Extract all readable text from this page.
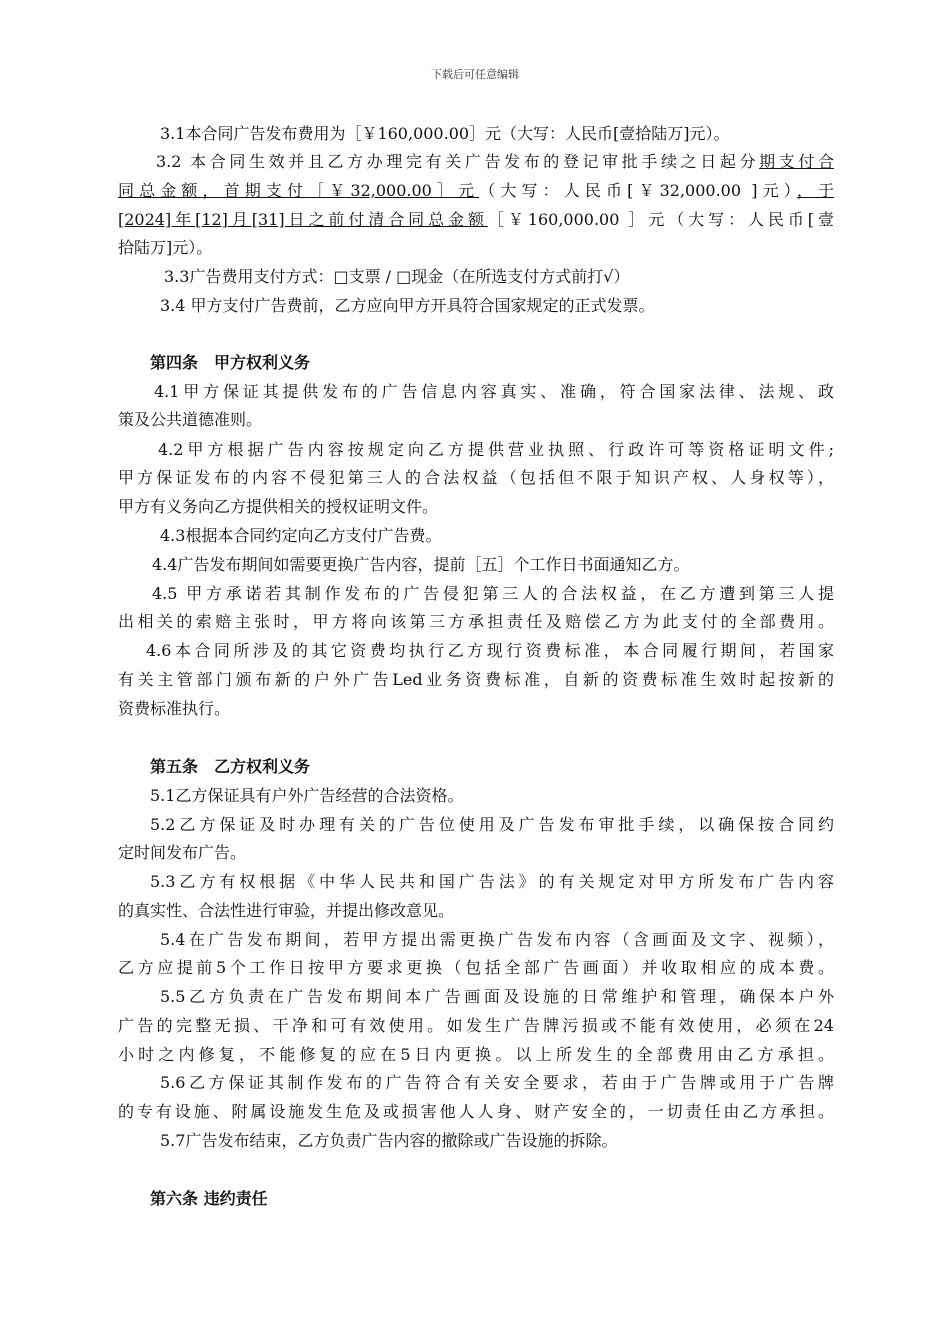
下载后可任意编辑
3.1本合同广告发布费用为［￥160,000.00］元（大写：人民币[壹拾陆万]元）。
3.2 本合同生效并且乙方办理完有关广告发布的登记审批手续之日起分期支付合
同总金额，首期支付［￥32,000.00］元（大写：人民币[￥32,000.00 ]元），于
[2024]年[12]月[31]日之前付清合同总金额［￥160,000.00 ］元（大写：人民币[壹
拾陆万]元）。
3.3广告费用支付方式：□支票 / □现金（在所选支付方式前打√）
3.4 甲方支付广告费前，乙方应向甲方开具符合国家规定的正式发票。
第四条　甲方权利义务
4.1甲方保证其提供发布的广告信息内容真实、准确，符合国家法律、法规、政
策及公共道德准则。
4.2甲方根据广告内容按规定向乙方提供营业执照、行政许可等资格证明文件;
甲方保证发布的内容不侵犯第三人的合法权益（包括但不限于知识产权、人身权等），
甲方有义务向乙方提供相关的授权证明文件。
4.3根据本合同约定向乙方支付广告费。
4.4广告发布期间如需要更换广告内容，提前［五］个工作日书面通知乙方。
4.5 甲方承诺若其制作发布的广告侵犯第三人的合法权益，在乙方遭到第三人提
出相关的索赔主张时，甲方将向该第三方承担责任及赔偿乙方为此支付的全部费用。
4.6本合同所涉及的其它资费均执行乙方现行资费标准，本合同履行期间，若国家
有关主管部门颁布新的户外广告Led业务资费标准，自新的资费标准生效时起按新的
资费标准执行。
第五条　乙方权利义务
5.1乙方保证具有户外广告经营的合法资格。
5.2乙方保证及时办理有关的广告位使用及广告发布审批手续，以确保按合同约
定时间发布广告。
5.3乙方有权根据《中华人民共和国广告法》的有关规定对甲方所发布广告内容
的真实性、合法性进行审验，并提出修改意见。
5.4在广告发布期间，若甲方提出需更换广告发布内容（含画面及文字、视频），
乙方应提前5个工作日按甲方要求更换（包括全部广告画面）并收取相应的成本费。
5.5乙方负责在广告发布期间本广告画面及设施的日常维护和管理，确保本户外
广告的完整无损、干净和可有效使用。如发生广告牌污损或不能有效使用，必须在24
小时之内修复，不能修复的应在5日内更换。以上所发生的全部费用由乙方承担。
5.6乙方保证其制作发布的广告符合有关安全要求，若由于广告牌或用于广告牌
的专有设施、附属设施发生危及或损害他人人身、财产安全的，一切责任由乙方承担。
5.7广告发布结束，乙方负责广告内容的撤除或广告设施的拆除。
第六条 违约责任
